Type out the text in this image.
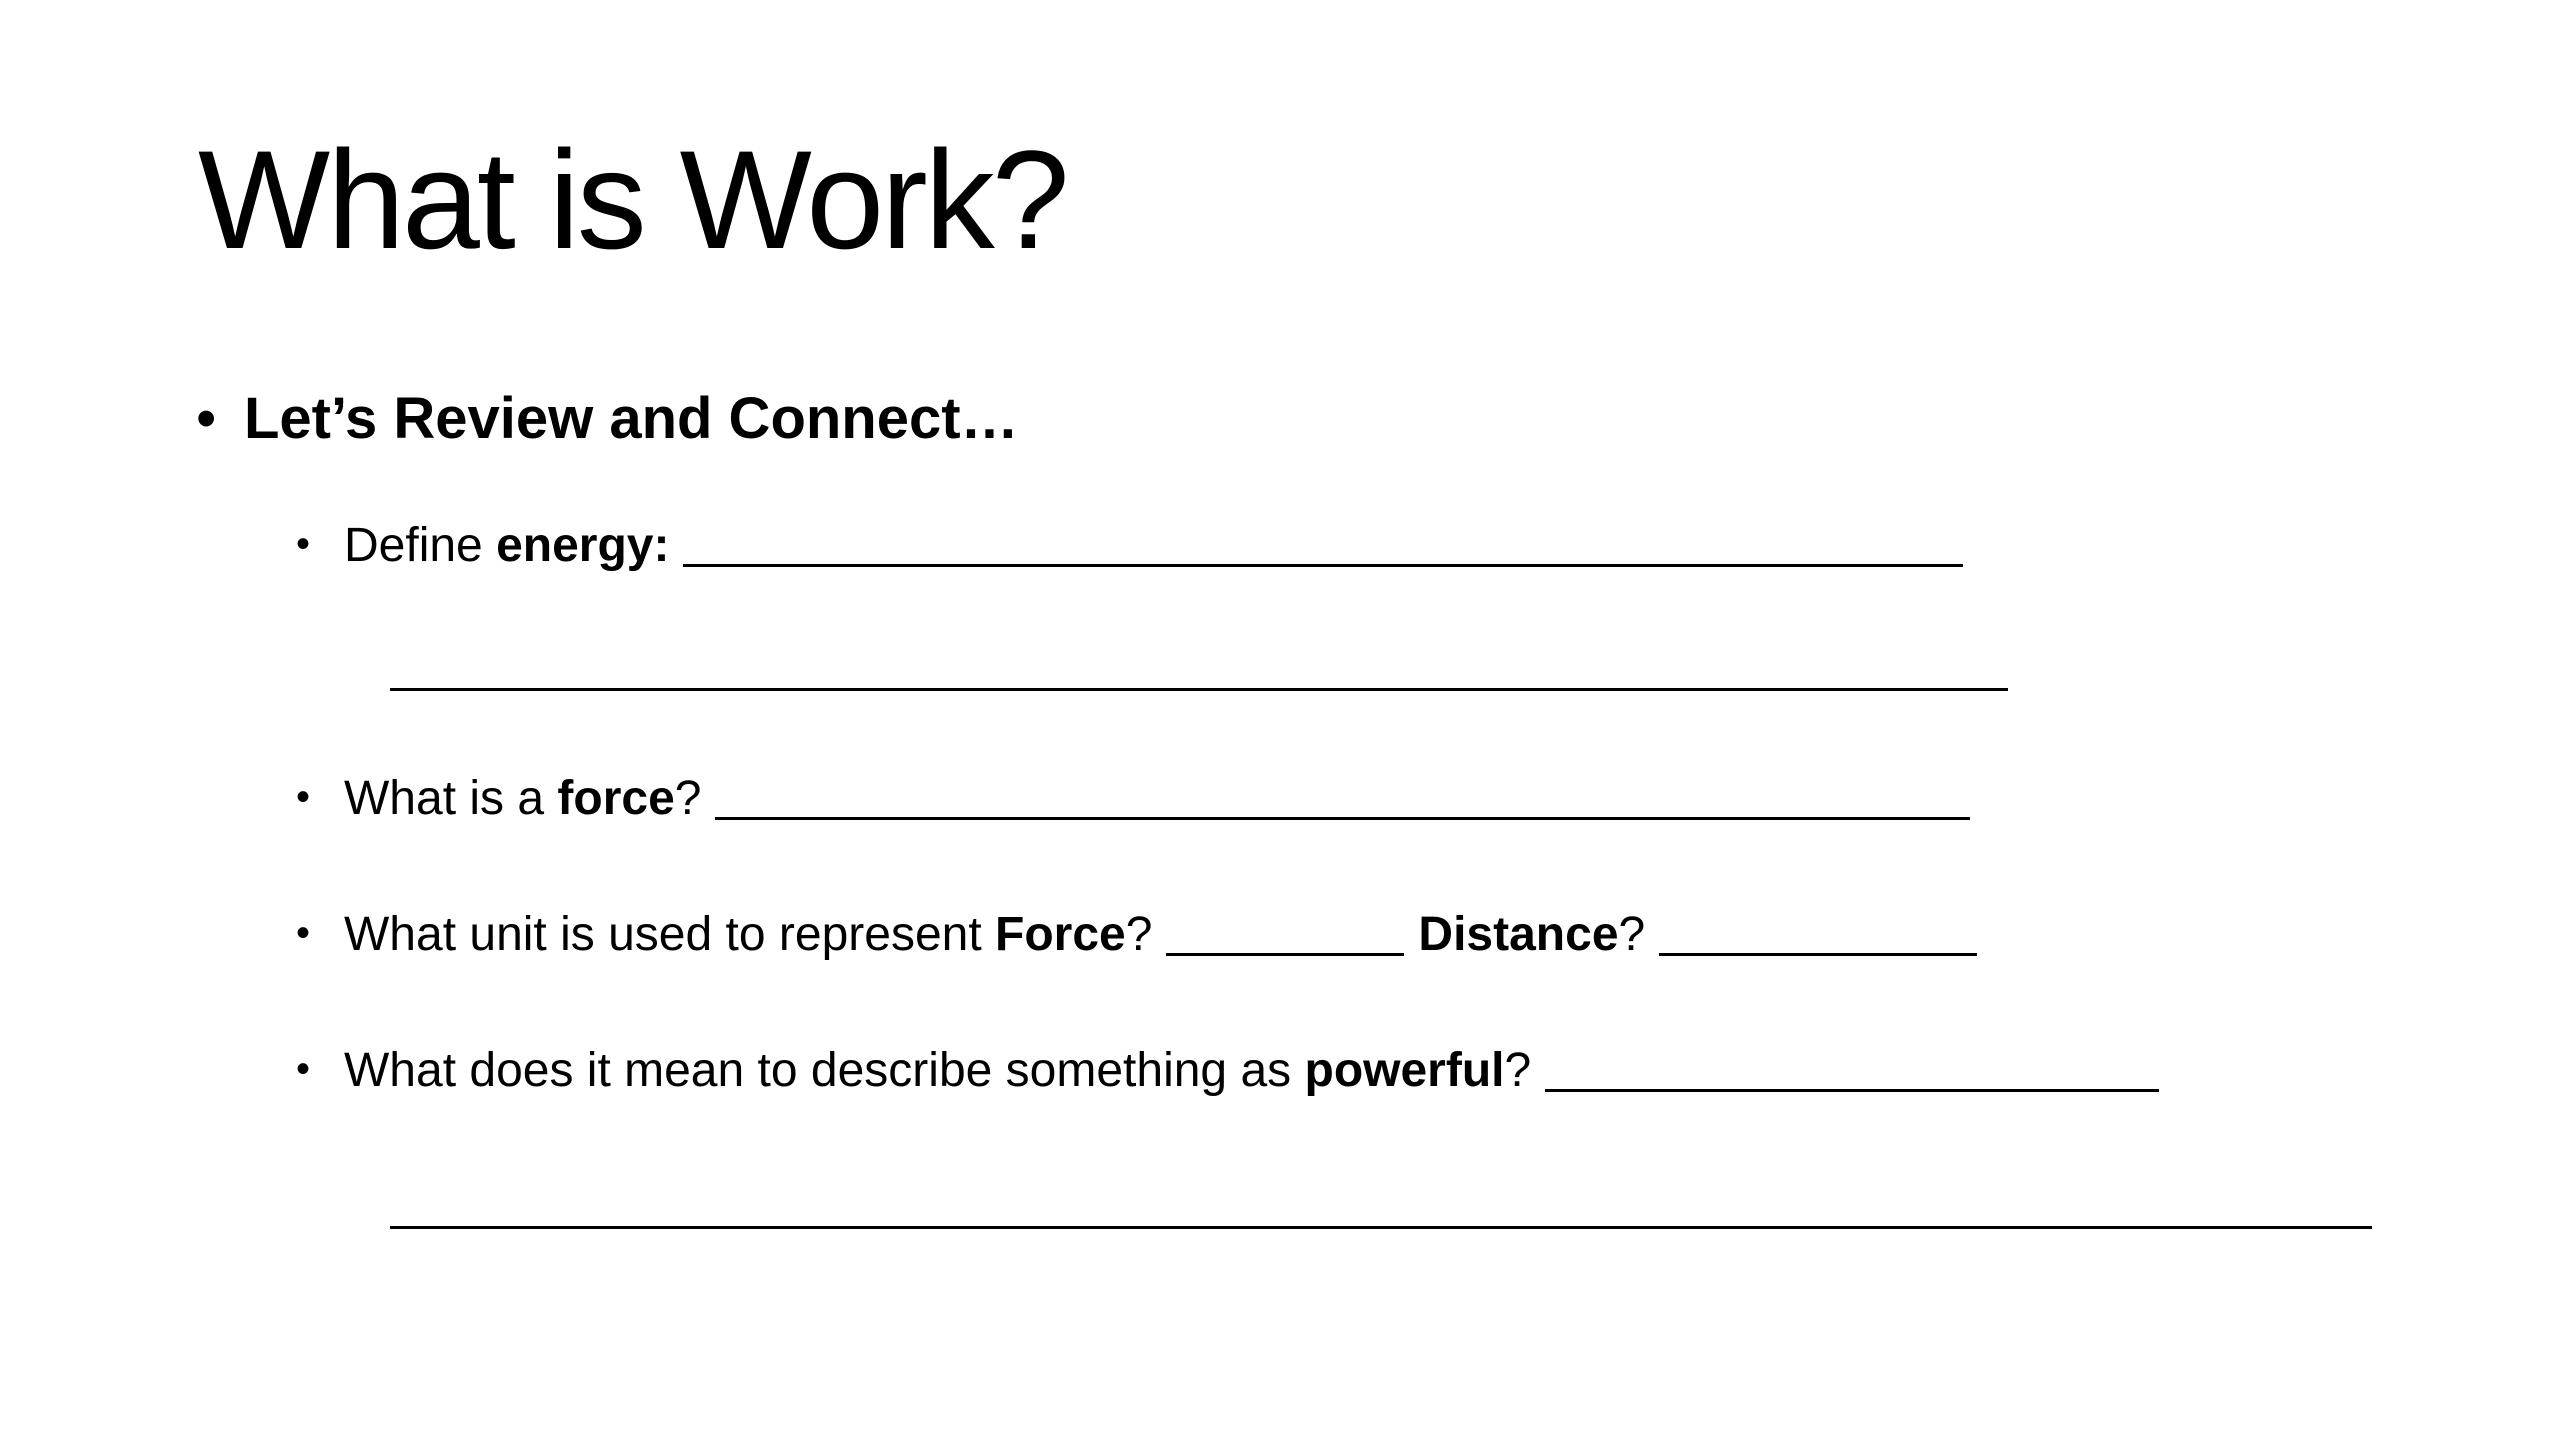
What is Work?
• Let’s Review and Connect…
• Define energy:
• What is a force?
• What unit is used to represent Force?	Distance?
• What does it mean to describe something as powerful?
